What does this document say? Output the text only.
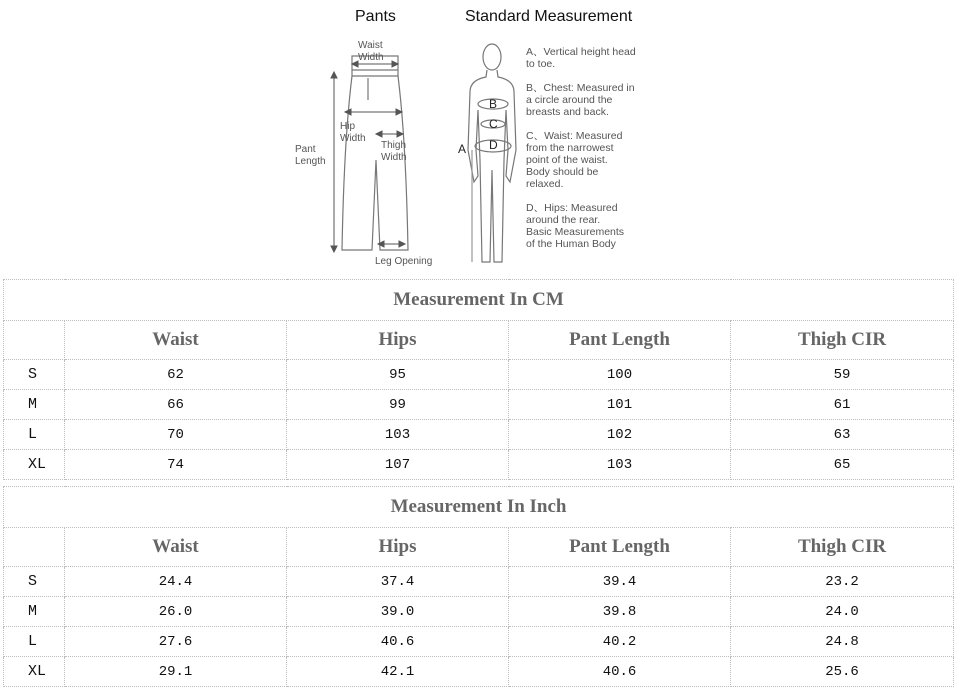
Pants	Standard Measurement
Waist
Width
Hip
Width
Thigh
Width
Pant
Length
Leg Opening
A
B
C
D
A、Vertical height head
to toe.
B、Chest: Measured in
a circle around the
breasts and back.
C、Waist: Measured
from the narrowest
point of the waist.
Body should be
relaxed.
D、Hips: Measured
around the rear.
Basic Measurements
of the Human Body
Measurement In CM				
	Waist	Hips	Pant Length	Thigh CIR
S	62	95	100	59
M	66	99	101	61
L	70	103	102	63
XL	74	107	103	65
Measurement In Inch				
	Waist	Hips	Pant Length	Thigh CIR
S	24.4	37.4	39.4	23.2
M	26.0	39.0	39.8	24.0
L	27.6	40.6	40.2	24.8
XL	29.1	42.1	40.6	25.6
